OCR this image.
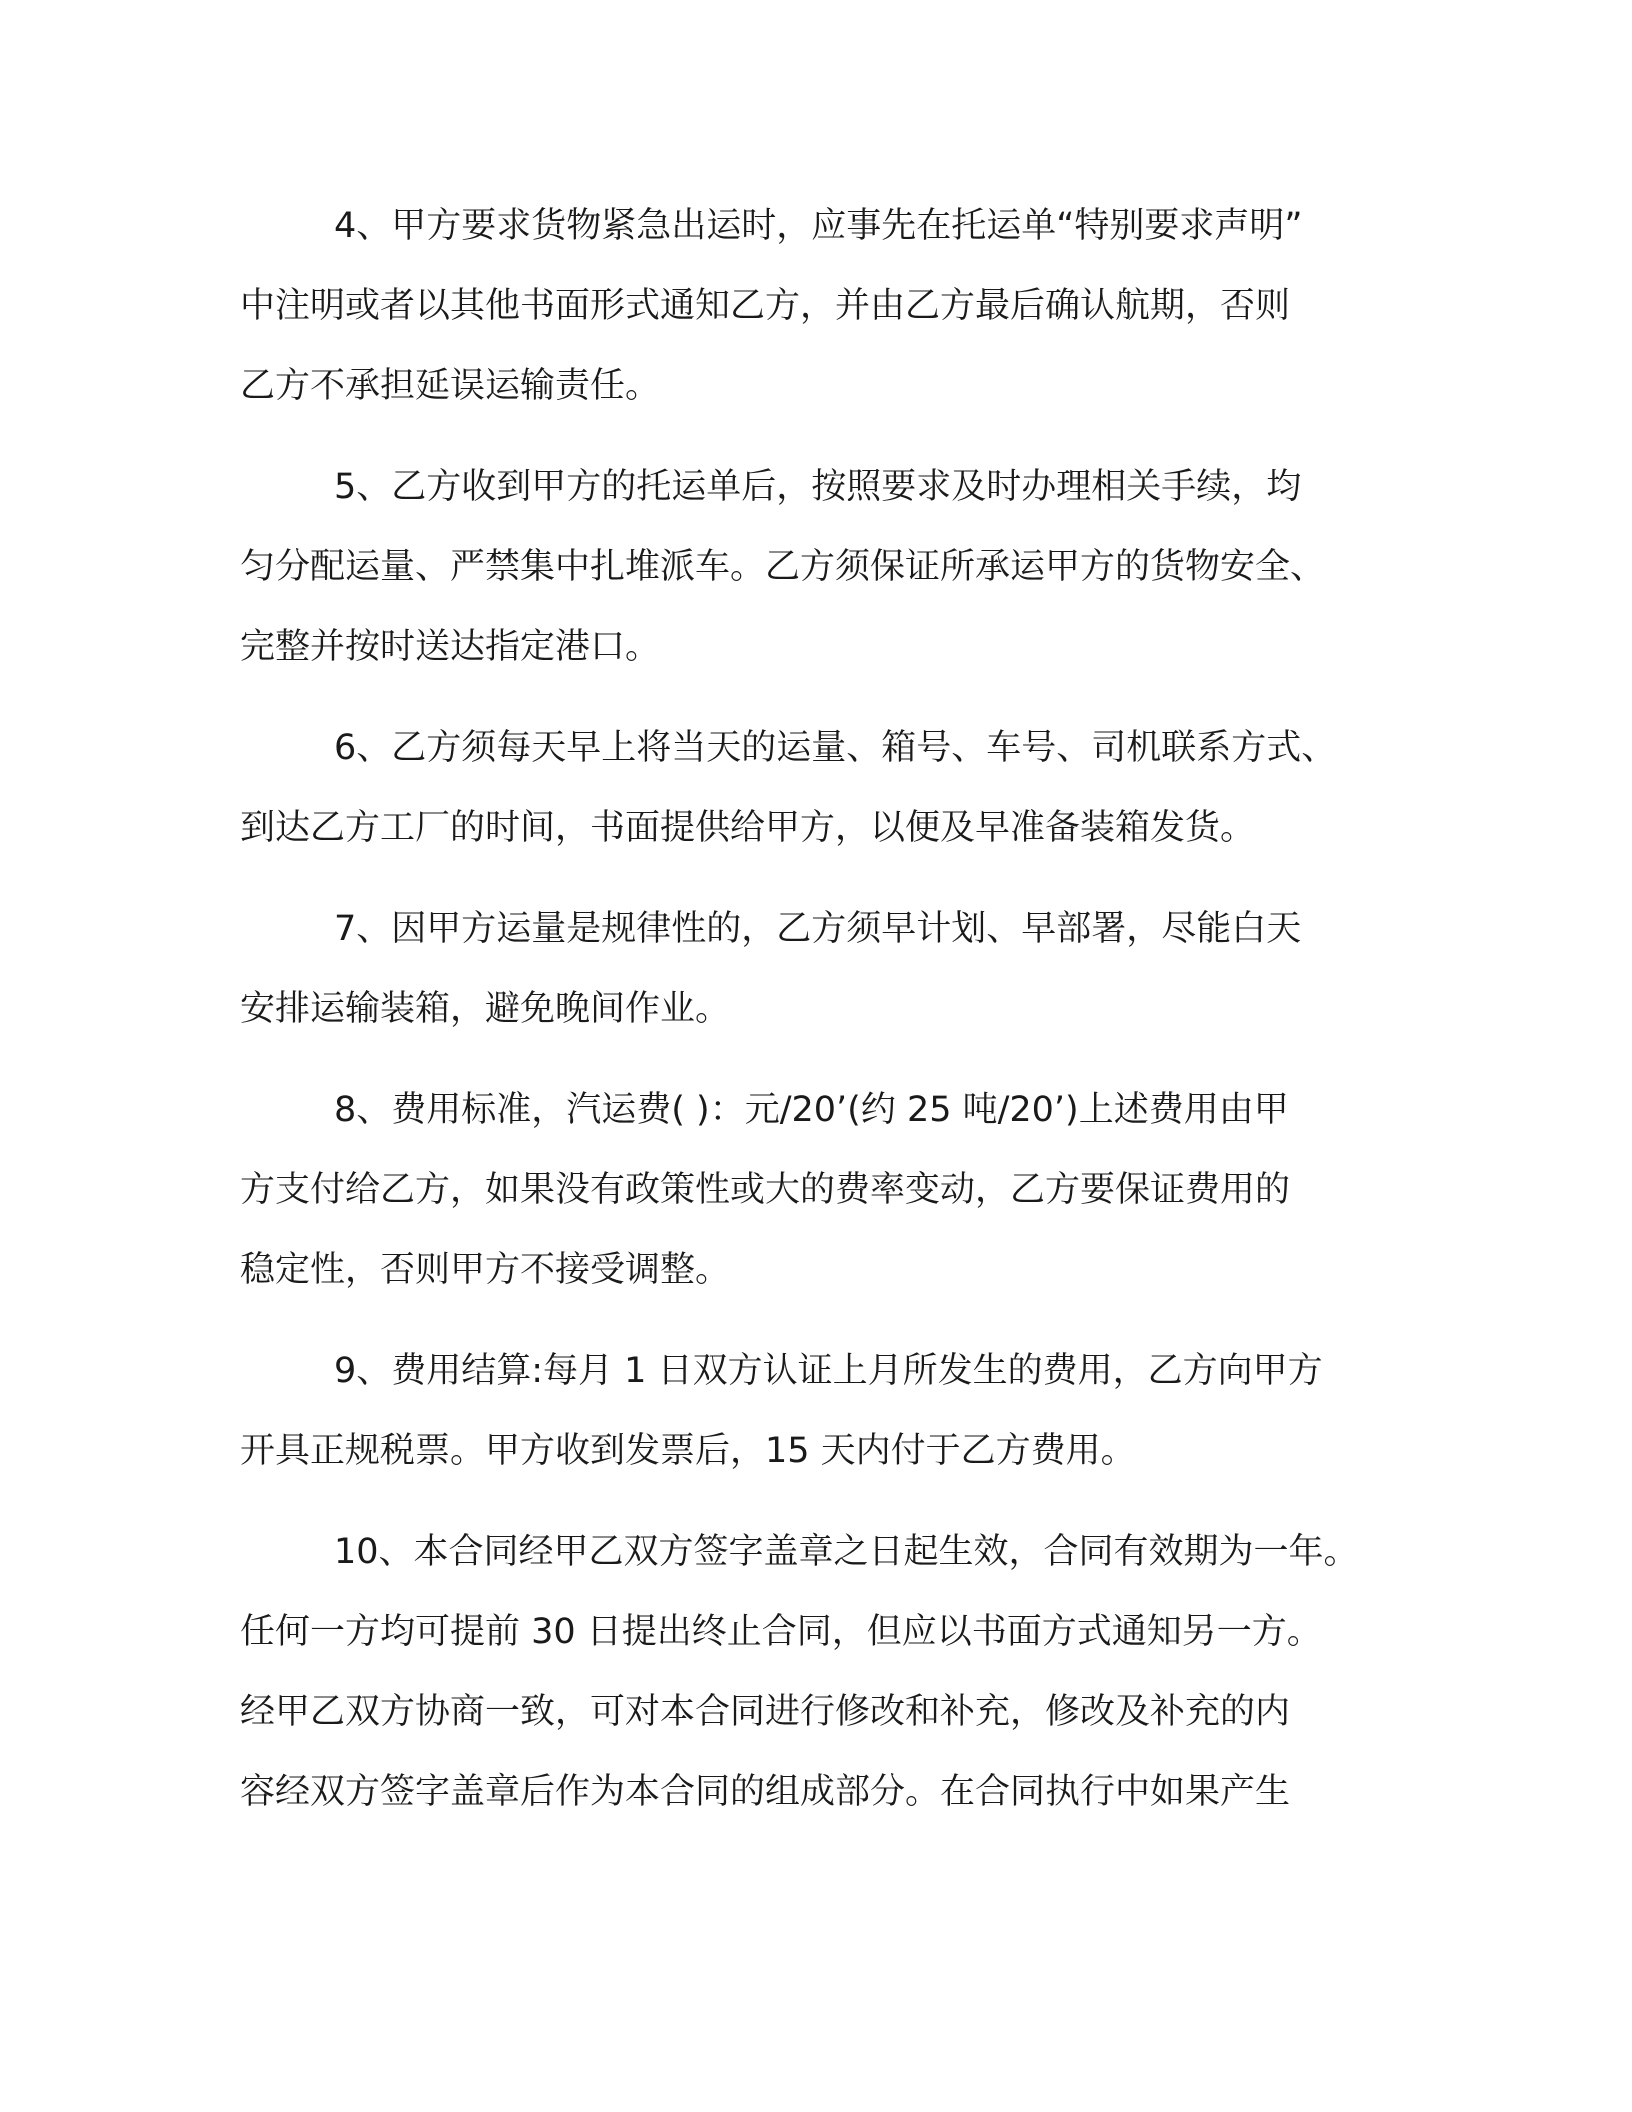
4、甲方要求货物紧急出运时，应事先在托运单“特别要求声明”
中注明或者以其他书面形式通知乙方，并由乙方最后确认航期，否则
乙方不承担延误运输责任。
5、乙方收到甲方的托运单后，按照要求及时办理相关手续，均
匀分配运量、严禁集中扎堆派车。乙方须保证所承运甲方的货物安全、
完整并按时送达指定港口。
6、乙方须每天早上将当天的运量、箱号、车号、司机联系方式、
到达乙方工厂的时间，书面提供给甲方，以便及早准备装箱发货。
7、因甲方运量是规律性的，乙方须早计划、早部署，尽能白天
安排运输装箱，避免晚间作业。
8、费用标准，汽运费( )：元/20’(约 25 吨/20’)上述费用由甲
方支付给乙方，如果没有政策性或大的费率变动，乙方要保证费用的
稳定性，否则甲方不接受调整。
9、费用结算:每月 1 日双方认证上月所发生的费用，乙方向甲方
开具正规税票。甲方收到发票后，15 天内付于乙方费用。
10、本合同经甲乙双方签字盖章之日起生效，合同有效期为一年。
任何一方均可提前 30 日提出终止合同，但应以书面方式通知另一方。
经甲乙双方协商一致，可对本合同进行修改和补充，修改及补充的内
容经双方签字盖章后作为本合同的组成部分。在合同执行中如果产生
